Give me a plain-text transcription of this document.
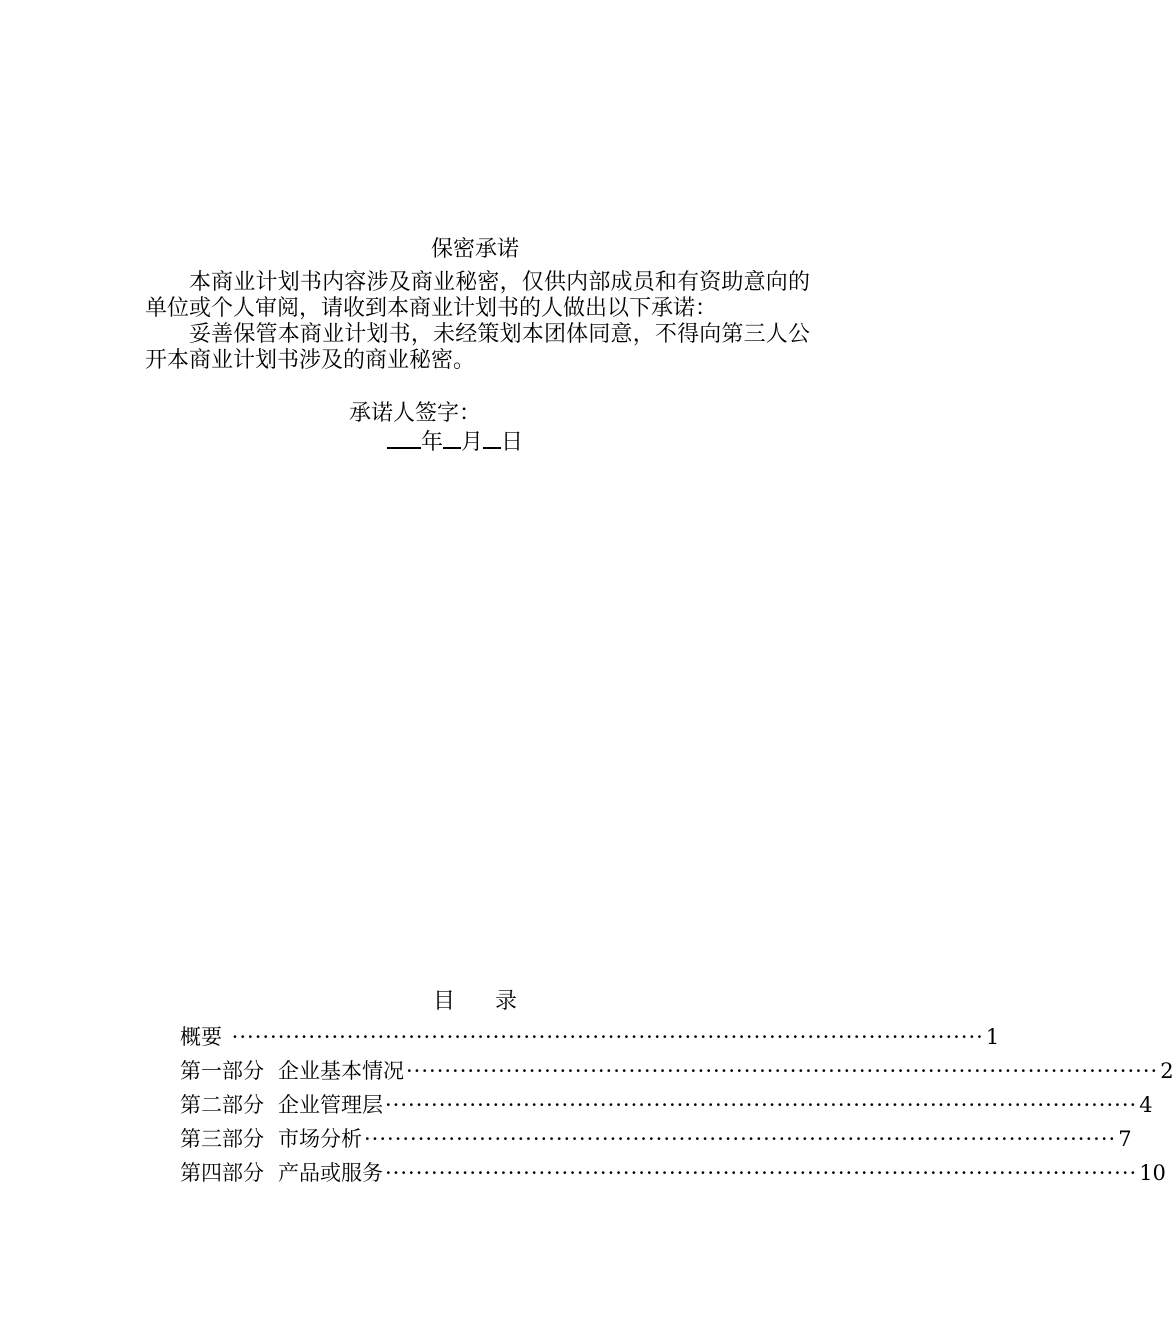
保密承诺

本商业计划书内容涉及商业秘密，仅供内部成员和有资助意向的单位或个人审阅，请收到本商业计划书的人做出以下承诺：

妥善保管本商业计划书，未经策划本团体同意，不得向第三人公开本商业计划书涉及的商业秘密。

承诺人签字：
年 月 日
目 录
概要 ·································································································· 1
第一部分 企业基本情况 ·································································································· 2
第二部分 企业管理层 ·································································································· 4
第三部分 市场分析 ·································································································· 7
第四部分 产品或服务 ·································································································· 10
